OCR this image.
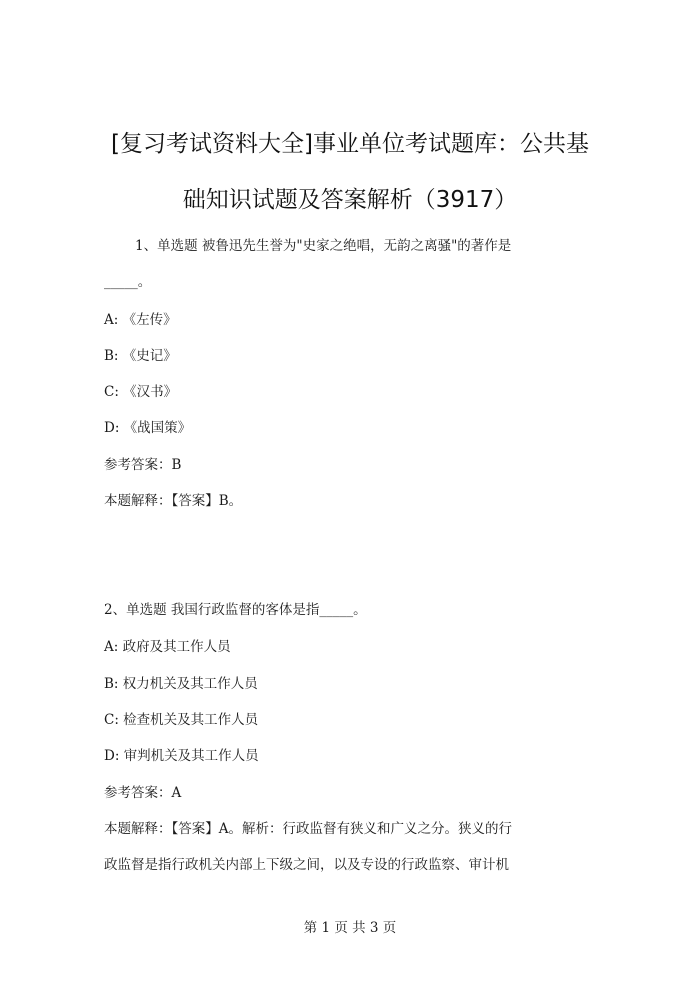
[复习考试资料大全]事业单位考试题库：公共基
础知识试题及答案解析（3917）
1、单选题 被鲁迅先生誉为"史家之绝唱，无韵之离骚"的著作是
_____。
A: 《左传》
B: 《史记》
C: 《汉书》
D: 《战国策》
参考答案：B
本题解释：【答案】B。
2、单选题 我国行政监督的客体是指_____。
A: 政府及其工作人员
B: 权力机关及其工作人员
C: 检查机关及其工作人员
D: 审判机关及其工作人员
参考答案：A
本题解释：【答案】A。解析：行政监督有狭义和广义之分。狭义的行
政监督是指行政机关内部上下级之间，以及专设的行政监察、审计机
第 1 页 共 3 页
